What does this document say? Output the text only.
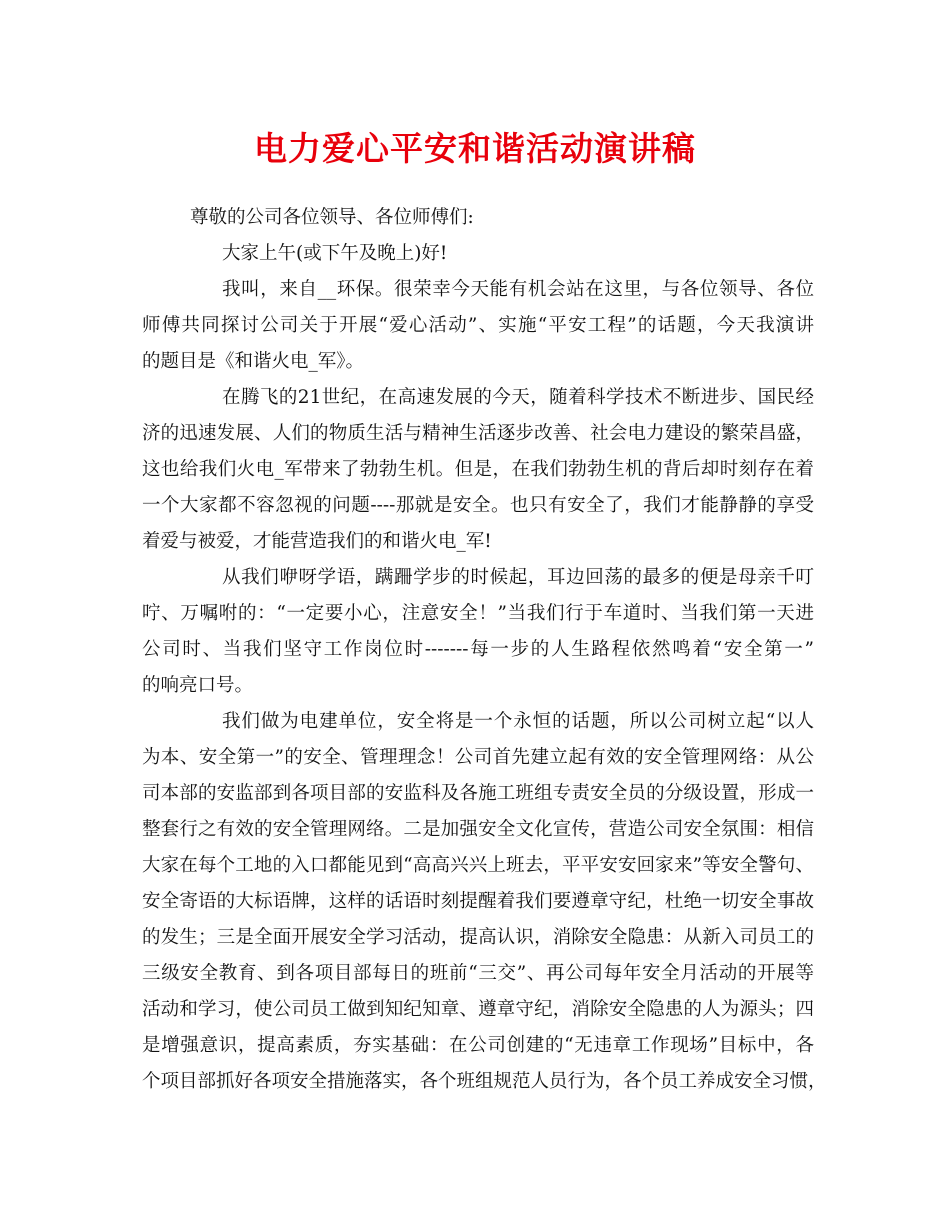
电力爱心平安和谐活动演讲稿
尊敬的公司各位领导、各位师傅们:
大家上午(或下午及晚上)好!
我叫，来自__环保。很荣幸今天能有机会站在这里，与各位领导、各位
师傅共同探讨公司关于开展“爱心活动”、实施“平安工程”的话题，今天我演讲
的题目是《和谐火电_军》。
在腾飞的21世纪，在高速发展的今天，随着科学技术不断进步、国民经
济的迅速发展、人们的物质生活与精神生活逐步改善、社会电力建设的繁荣昌盛，
这也给我们火电_军带来了勃勃生机。但是，在我们勃勃生机的背后却时刻存在着
一个大家都不容忽视的问题----那就是安全。也只有安全了，我们才能静静的享受
着爱与被爱，才能营造我们的和谐火电_军!
从我们咿呀学语，蹒跚学步的时候起，耳边回荡的最多的便是母亲千叮
咛、万嘱咐的：“一定要小心，注意安全！”当我们行于车道时、当我们第一天进
公司时、当我们坚守工作岗位时-------每一步的人生路程依然鸣着“安全第一”
的响亮口号。
我们做为电建单位，安全将是一个永恒的话题，所以公司树立起“以人
为本、安全第一”的安全、管理理念！公司首先建立起有效的安全管理网络：从公
司本部的安监部到各项目部的安监科及各施工班组专责安全员的分级设置，形成一
整套行之有效的安全管理网络。二是加强安全文化宣传，营造公司安全氛围：相信
大家在每个工地的入口都能见到“高高兴兴上班去，平平安安回家来”等安全警句、
安全寄语的大标语牌，这样的话语时刻提醒着我们要遵章守纪，杜绝一切安全事故
的发生；三是全面开展安全学习活动，提高认识，消除安全隐患：从新入司员工的
三级安全教育、到各项目部每日的班前“三交”、再公司每年安全月活动的开展等
活动和学习，使公司员工做到知纪知章、遵章守纪，消除安全隐患的人为源头；四
是增强意识，提高素质，夯实基础：在公司创建的“无违章工作现场”目标中，各
个项目部抓好各项安全措施落实，各个班组规范人员行为，各个员工养成安全习惯，
